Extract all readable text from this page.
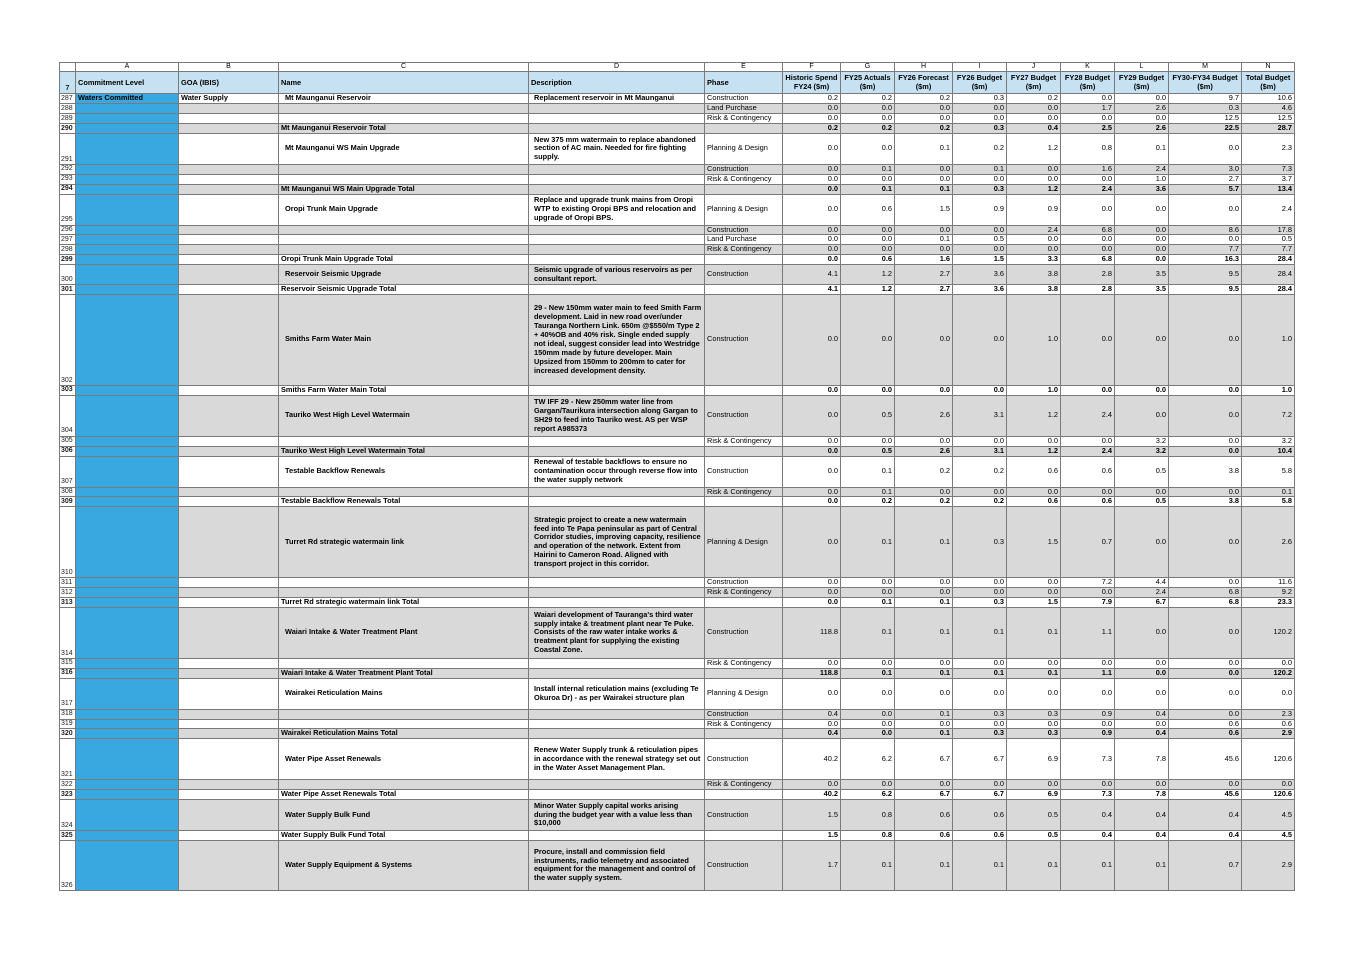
	A	B	C	D	E	F	G	H	I	J	K	L	M	N
7	Commitment Level	GOA (IBIS)	Name	Description	Phase	Historic Spend FY24 ($m)	FY25 Actuals ($m)	FY26 Forecast ($m)	FY26 Budget ($m)	FY27 Budget ($m)	FY28 Budget ($m)	FY29 Budget ($m)	FY30-FY34 Budget ($m)	Total Budget ($m)
287	Waters Committed	Water Supply	Mt Maunganui Reservoir	Replacement reservoir in Mt Maunganui	Construction	0.2	0.2	0.2	0.3	0.2	0.0	0.0	9.7	10.6
288					Land Purchase	0.0	0.0	0.0	0.0	0.0	1.7	2.6	0.3	4.6
289					Risk & Contingency	0.0	0.0	0.0	0.0	0.0	0.0	0.0	12.5	12.5
290			Mt Maunganui Reservoir Total			0.2	0.2	0.2	0.3	0.4	2.5	2.6	22.5	28.7
291			Mt Maunganui WS Main Upgrade	New 375 mm watermain to replace abandoned section of AC main. Needed for fire fighting supply.	Planning & Design	0.0	0.0	0.1	0.2	1.2	0.8	0.1	0.0	2.3
292					Construction	0.0	0.1	0.0	0.1	0.0	1.6	2.4	3.0	7.3
293					Risk & Contingency	0.0	0.0	0.0	0.0	0.0	0.0	1.0	2.7	3.7
294			Mt Maunganui WS Main Upgrade Total			0.0	0.1	0.1	0.3	1.2	2.4	3.6	5.7	13.4
295			Oropi Trunk Main Upgrade	Replace and upgrade trunk mains from Oropi WTP to existing Oropi BPS and relocation and upgrade of Oropi BPS.	Planning & Design	0.0	0.6	1.5	0.9	0.9	0.0	0.0	0.0	2.4
296					Construction	0.0	0.0	0.0	0.0	2.4	6.8	0.0	8.6	17.8
297					Land Purchase	0.0	0.0	0.1	0.5	0.0	0.0	0.0	0.0	0.5
298					Risk & Contingency	0.0	0.0	0.0	0.0	0.0	0.0	0.0	7.7	7.7
299			Oropi Trunk Main Upgrade Total			0.0	0.6	1.6	1.5	3.3	6.8	0.0	16.3	28.4
300			Reservoir Seismic Upgrade	Seismic upgrade of various reservoirs as per consultant report.	Construction	4.1	1.2	2.7	3.6	3.8	2.8	3.5	9.5	28.4
301			Reservoir Seismic Upgrade Total			4.1	1.2	2.7	3.6	3.8	2.8	3.5	9.5	28.4
302			Smiths Farm Water Main	29 - New 150mm water main to feed Smith Farm development. Laid in new road over/under Tauranga Northern Link. 650m @$550/m Type 2 + 40%OB and 40% risk. Single ended supply not ideal, suggest consider lead into Westridge 150mm made by future developer. Main Upsized from 150mm to 200mm to cater for increased development density.	Construction	0.0	0.0	0.0	0.0	1.0	0.0	0.0	0.0	1.0
303			Smiths Farm Water Main Total			0.0	0.0	0.0	0.0	1.0	0.0	0.0	0.0	1.0
304			Tauriko West High Level Watermain	TW IFF 29 - New 250mm water line from Gargan/Taurikura intersection along Gargan to SH29 to feed into Tauriko west. AS per WSP report A985373	Construction	0.0	0.5	2.6	3.1	1.2	2.4	0.0	0.0	7.2
305					Risk & Contingency	0.0	0.0	0.0	0.0	0.0	0.0	3.2	0.0	3.2
306			Tauriko West High Level Watermain Total			0.0	0.5	2.6	3.1	1.2	2.4	3.2	0.0	10.4
307			Testable Backflow Renewals	Renewal of testable backflows to ensure no contamination occur through reverse flow into the water supply network	Construction	0.0	0.1	0.2	0.2	0.6	0.6	0.5	3.8	5.8
308					Risk & Contingency	0.0	0.1	0.0	0.0	0.0	0.0	0.0	0.0	0.1
309			Testable Backflow Renewals Total			0.0	0.2	0.2	0.2	0.6	0.6	0.5	3.8	5.8
310			Turret Rd strategic watermain link	Strategic project to create a new watermain feed into Te Papa peninsular as part of Central Corridor studies, improving capacity, resilience and operation of the network. Extent from Hairini to Cameron Road. Aligned with transport project in this corridor.	Planning & Design	0.0	0.1	0.1	0.3	1.5	0.7	0.0	0.0	2.6
311					Construction	0.0	0.0	0.0	0.0	0.0	7.2	4.4	0.0	11.6
312					Risk & Contingency	0.0	0.0	0.0	0.0	0.0	0.0	2.4	6.8	9.2
313			Turret Rd strategic watermain link Total			0.0	0.1	0.1	0.3	1.5	7.9	6.7	6.8	23.3
314			Waiari Intake & Water Treatment Plant	Waiari development of Tauranga's third water supply intake & treatment plant near Te Puke. Consists of the raw water intake works & treatment plant for supplying the existing Coastal Zone.	Construction	118.8	0.1	0.1	0.1	0.1	1.1	0.0	0.0	120.2
315					Risk & Contingency	0.0	0.0	0.0	0.0	0.0	0.0	0.0	0.0	0.0
316			Waiari Intake & Water Treatment Plant Total			118.8	0.1	0.1	0.1	0.1	1.1	0.0	0.0	120.2
317			Wairakei Reticulation Mains	Install internal reticulation mains (excluding Te Okuroa Dr) - as per Wairakei structure plan	Planning & Design	0.0	0.0	0.0	0.0	0.0	0.0	0.0	0.0	0.0
318					Construction	0.4	0.0	0.1	0.3	0.3	0.9	0.4	0.0	2.3
319					Risk & Contingency	0.0	0.0	0.0	0.0	0.0	0.0	0.0	0.6	0.6
320			Wairakei Reticulation Mains Total			0.4	0.0	0.1	0.3	0.3	0.9	0.4	0.6	2.9
321			Water Pipe Asset Renewals	Renew Water Supply trunk & reticulation pipes in accordance with the renewal strategy set out in the Water Asset Management Plan.	Construction	40.2	6.2	6.7	6.7	6.9	7.3	7.8	45.6	120.6
322					Risk & Contingency	0.0	0.0	0.0	0.0	0.0	0.0	0.0	0.0	0.0
323			Water Pipe Asset Renewals Total			40.2	6.2	6.7	6.7	6.9	7.3	7.8	45.6	120.6
324			Water Supply Bulk Fund	Minor Water Supply capital works arising during the budget year with a value less than $10,000	Construction	1.5	0.8	0.6	0.6	0.5	0.4	0.4	0.4	4.5
325			Water Supply Bulk Fund Total			1.5	0.8	0.6	0.6	0.5	0.4	0.4	0.4	4.5
326			Water Supply Equipment & Systems	Procure, install and commission field instruments, radio telemetry and associated equipment for the management and control of the water supply system.	Construction	1.7	0.1	0.1	0.1	0.1	0.1	0.1	0.7	2.9
